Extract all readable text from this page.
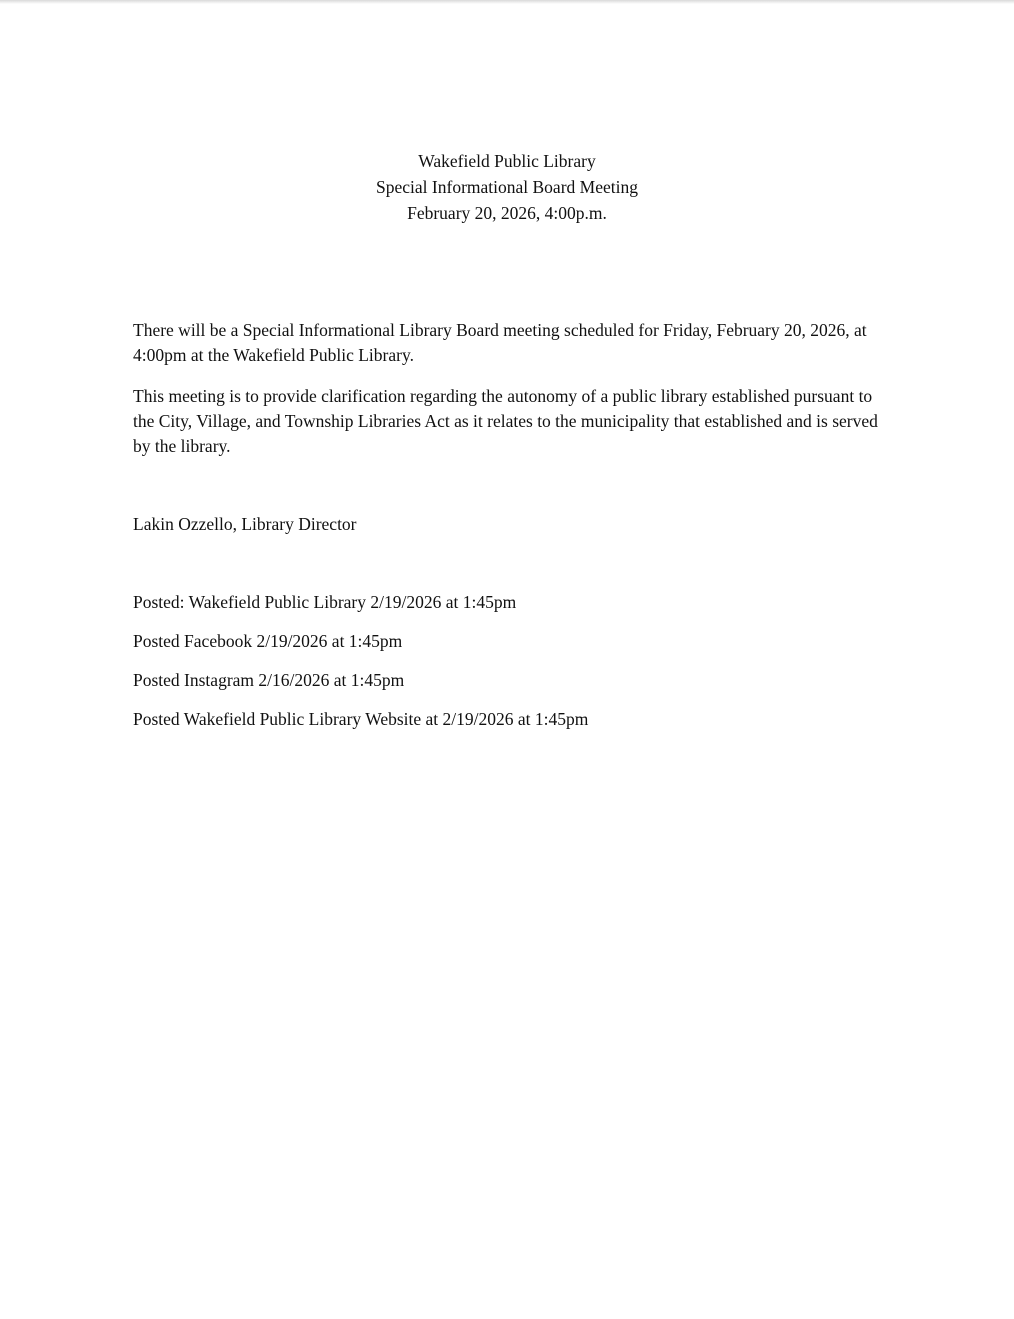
Wakefield Public Library
Special Informational Board Meeting
February 20, 2026, 4:00p.m.

There will be a Special Informational Library Board meeting scheduled for Friday, February 20, 2026, at 4:00pm at the Wakefield Public Library.

This meeting is to provide clarification regarding the autonomy of a public library established pursuant to the City, Village, and Township Libraries Act as it relates to the municipality that established and is served by the library.

Lakin Ozzello, Library Director

Posted: Wakefield Public Library 2/19/2026 at 1:45pm
Posted Facebook 2/19/2026 at 1:45pm
Posted Instagram 2/16/2026 at 1:45pm
Posted Wakefield Public Library Website at 2/19/2026 at 1:45pm
